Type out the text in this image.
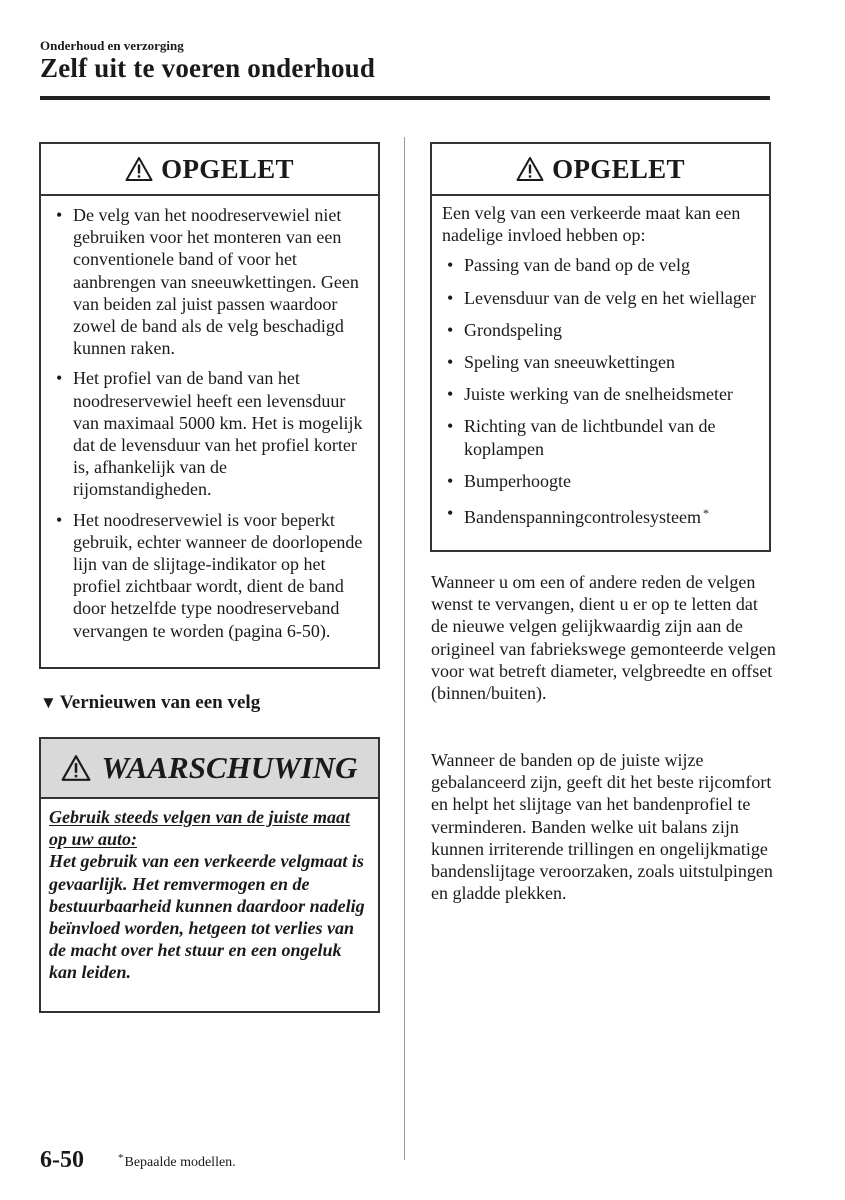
Onderhoud en verzorging
Zelf uit te voeren onderhoud
OPGELET
• De velg van het noodreservewiel niet gebruiken voor het monteren van een conventionele band of voor het aanbrengen van sneeuwkettingen. Geen van beiden zal juist passen waardoor zowel de band als de velg beschadigd kunnen raken.
• Het profiel van de band van het noodreservewiel heeft een levensduur van maximaal 5000 km. Het is mogelijk dat de levensduur van het profiel korter is, afhankelijk van de rijomstandigheden.
• Het noodreservewiel is voor beperkt gebruik, echter wanneer de doorlopende lijn van de slijtage-indikator op het profiel zichtbaar wordt, dient de band door hetzelfde type noodreserveband vervangen te worden (pagina 6-50).
▼ Vernieuwen van een velg
WAARSCHUWING
Gebruik steeds velgen van de juiste maat op uw auto:
Het gebruik van een verkeerde velgmaat is gevaarlijk. Het remvermogen en de bestuurbaarheid kunnen daardoor nadelig beïnvloed worden, hetgeen tot verlies van de macht over het stuur en een ongeluk kan leiden.
OPGELET
Een velg van een verkeerde maat kan een nadelige invloed hebben op:
• Passing van de band op de velg
• Levensduur van de velg en het wiellager
• Grondspeling
• Speling van sneeuwkettingen
• Juiste werking van de snelheidsmeter
• Richting van de lichtbundel van de koplampen
• Bumperhoogte
• Bandenspanningcontrolesysteem *
Wanneer u om een of andere reden de velgen wenst te vervangen, dient u er op te letten dat de nieuwe velgen gelijkwaardig zijn aan de origineel van fabriekswege gemonteerde velgen voor wat betreft diameter, velgbreedte en offset (binnen/buiten).
Wanneer de banden op de juiste wijze gebalanceerd zijn, geeft dit het beste rijcomfort en helpt het slijtage van het bandenprofiel te verminderen. Banden welke uit balans zijn kunnen irriterende trillingen en ongelijkmatige bandenslijtage veroorzaken, zoals uitstulpingen en gladde plekken.
6-50	*Bepaalde modellen.
